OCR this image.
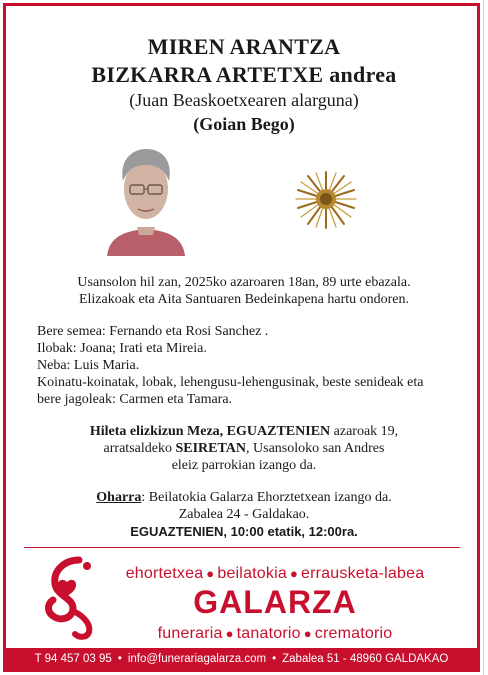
MIREN ARANTZA
BIZKARRA ARTETXE andrea
(Juan Beaskoetxearen alarguna)
(Goian Bego)
Usansolon hil zan, 2025ko azaroaren 18an, 89 urte ebazala.
Elizakoak eta Aita Santuaren Bedeinkapena hartu ondoren.
Bere semea: Fernando eta Rosi Sanchez .
Ilobak: Joana; Irati eta Mireia.
Neba: Luis Maria.
Koinatu-koinatak, lobak, lehengusu-lehengusinak, beste senideak eta
bere jagoleak: Carmen eta Tamara.
Hileta elizkizun Meza, EGUAZTENIEN azaroak 19,
arratsaldeko SEIRETAN, Usansoloko san Andres
eleiz parrokian izango da.
Oharra: Beilatokia Galarza Ehorztetxean izango da.
Zabalea 24 - Galdakao.
EGUAZTENIEN, 10:00 etatik, 12:00ra.
ehortetxea ● beilatokia ● errausketa-labea
GALARZA
funeraria ● tanatorio ● crematorio
T 94 457 03 95 • info@funerariagalarza.com • Zabalea 51 - 48960 GALDAKAO
